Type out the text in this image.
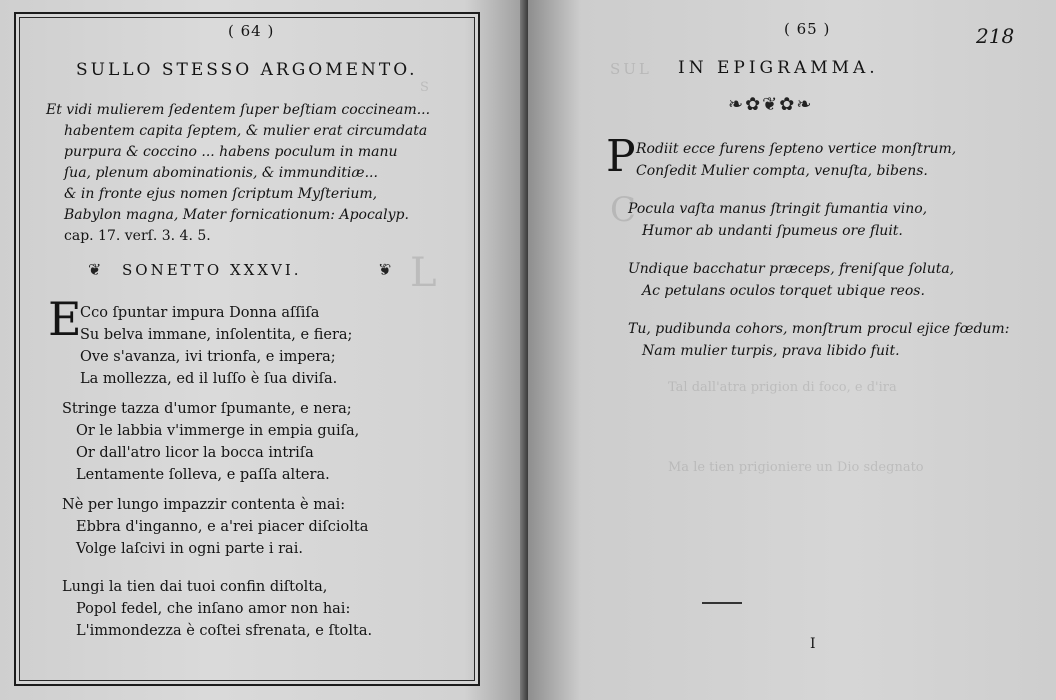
S
L
( 64 )
SULLO STESSO ARGOMENTO.
Et vidi mulierem ſedentem ſuper beſtiam coccineam...
habentem capita ſeptem, & mulier erat circumdata
purpura & coccino ... habens poculum in manu
ſua, plenum abominationis, & immunditiæ...
& in fronte ejus nomen ſcriptum Myſterium,
Babylon magna, Mater fornicationum: Apocalyp.
cap. 17. verſ. 3. 4. 5.
❦ SONETTO XXXVI.	❦
E
Cco ſpuntar impura Donna aſſiſa
Su belva immane, inſolentita, e fiera;
Ove s'avanza, ivi trionfa, e impera;
La mollezza, ed il luſſo è ſua diviſa.
Stringe tazza d'umor ſpumante, e nera;
Or le labbia v'immerge in empia guiſa,
Or dall'atro licor la bocca intriſa
Lentamente ſolleva, e paſſa altera.
Nè per lungo impazzir contenta è mai:
Ebbra d'inganno, e a'rei piacer diſciolta
Volge laſcivi in ogni parte i rai.
Lungi la tien dai tuoi confin diſtolta,
Popol fedel, che inſano amor non hai:
L'immondezza è coſtei sfrenata, e ſtolta.
SUL
C
Tal dall'atra prigion di foco, e d'ira
Ma le tien prigioniere un Dio sdegnato
( 65 )	218
IN EPIGRAMMA.
❧✿❦✿❧
P Rodiit ecce furens ſepteno vertice monſtrum,
Conſedit Mulier compta, venuſta, bibens.
Pocula vaſta manus ſtringit fumantia vino,
Humor ab undanti ſpumeus ore fluit.
Undique bacchatur præceps, freniſque ſoluta,
Ac petulans oculos torquet ubique reos.
Tu, pudibunda cohors, monſtrum procul ejice fœdum:
Nam mulier turpis, prava libido fuit.
I
